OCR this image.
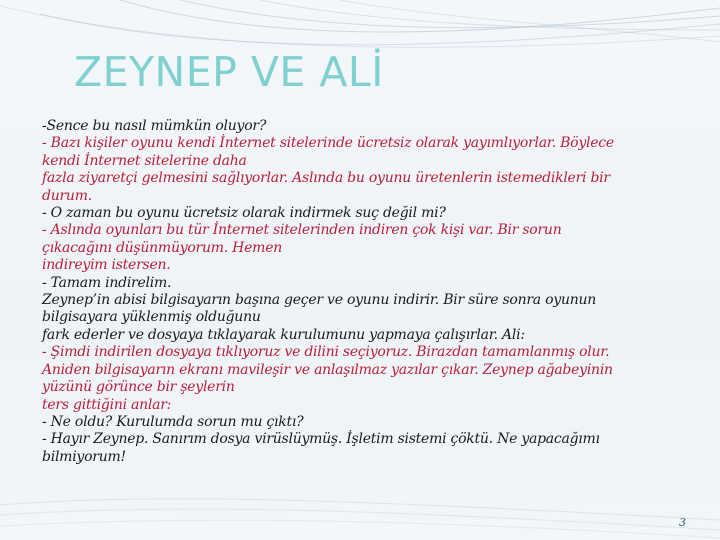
ZEYNEP VE ALİ
-Sence bu nasıl mümkün oluyor?
- Bazı kişiler oyunu kendi İnternet sitelerinde ücretsiz olarak yayımlıyorlar. Böylece
kendi İnternet sitelerine daha
fazla ziyaretçi gelmesini sağlıyorlar. Aslında bu oyunu üretenlerin istemedikleri bir
durum.
- O zaman bu oyunu ücretsiz olarak indirmek suç değil mi?
- Aslında oyunları bu tür İnternet sitelerinden indiren çok kişi var. Bir sorun
çıkacağını düşünmüyorum. Hemen
indireyim istersen.
- Tamam indirelim.
Zeynep’in abisi bilgisayarın başına geçer ve oyunu indirir. Bir süre sonra oyunun
bilgisayara yüklenmiş olduğunu
fark ederler ve dosyaya tıklayarak kurulumunu yapmaya çalışırlar. Ali:
- Şimdi indirilen dosyaya tıklıyoruz ve dilini seçiyoruz. Birazdan tamamlanmış olur.
Aniden bilgisayarın ekranı mavileşir ve anlaşılmaz yazılar çıkar. Zeynep ağabeyinin
yüzünü görünce bir şeylerin
ters gittiğini anlar:
- Ne oldu? Kurulumda sorun mu çıktı?
- Hayır Zeynep. Sanırım dosya virüslüymüş. İşletim sistemi çöktü. Ne yapacağımı
bilmiyorum!
3
